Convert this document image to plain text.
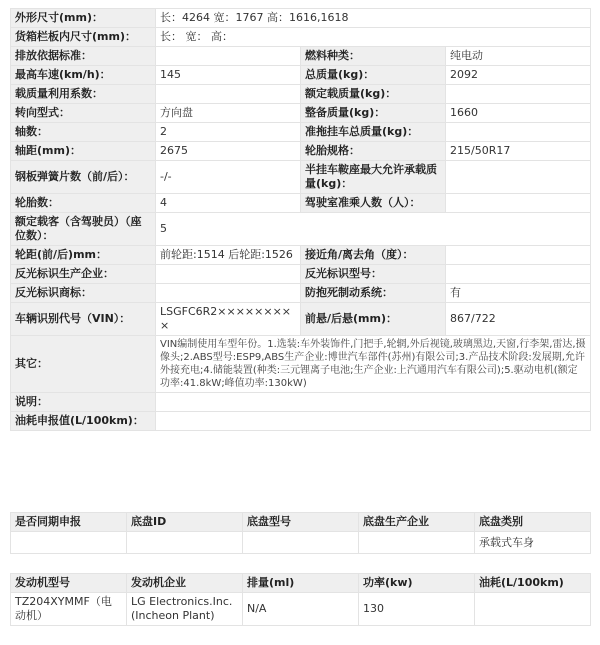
外形尺寸(mm)：	长：4264 宽：1767 高：1616,1618		
货箱栏板内尺寸(mm)：	长： 宽： 高：		
排放依据标准：		燃料种类：	纯电动
最高车速(km/h)：	145	总质量(kg)：	2092
载质量利用系数：		额定载质量(kg)：	
转向型式：	方向盘	整备质量(kg)：	1660
轴数：	2	准拖挂车总质量(kg)：	
轴距(mm)：	2675	轮胎规格：	215/50R17
钢板弹簧片数（前/后）：	-/-	半挂车鞍座最大允许承载质量(kg)：	
轮胎数：	4	驾驶室准乘人数（人）：	
额定载客（含驾驶员）（座位数）：	5		
轮距(前/后)mm：	前轮距:1514 后轮距:1526	接近角/离去角（度）：	
反光标识生产企业：		反光标识型号：	
反光标识商标：		防抱死制动系统：	有
车辆识别代号（VIN）：	LSGFC6R2×××××××××	前悬/后悬(mm)：	867/722
其它：	VIN编制使用车型年份。1.选装:车外装饰件,门把手,轮辋,外后视镜,玻璃黑边,天窗,行李架,雷达,摄像头;2.ABS型号:ESP9,ABS生产企业:博世汽车部件(苏州)有限公司;3.产品技术阶段:发展期,允许外接充电;4.储能装置(种类:三元锂离子电池;生产企业:上汽通用汽车有限公司);5.驱动电机(额定功率:41.8kW;峰值功率:130kW)		
说明：			
油耗申报值(L/100km)：			
是否同期申报	底盘ID	底盘型号	底盘生产企业	底盘类别
				承载式车身
发动机型号	发动机企业	排量(ml)	功率(kw)	油耗(L/100km)
TZ204XYMMF（电动机）	LG Electronics.Inc.(Incheon Plant)	N/A	130	
